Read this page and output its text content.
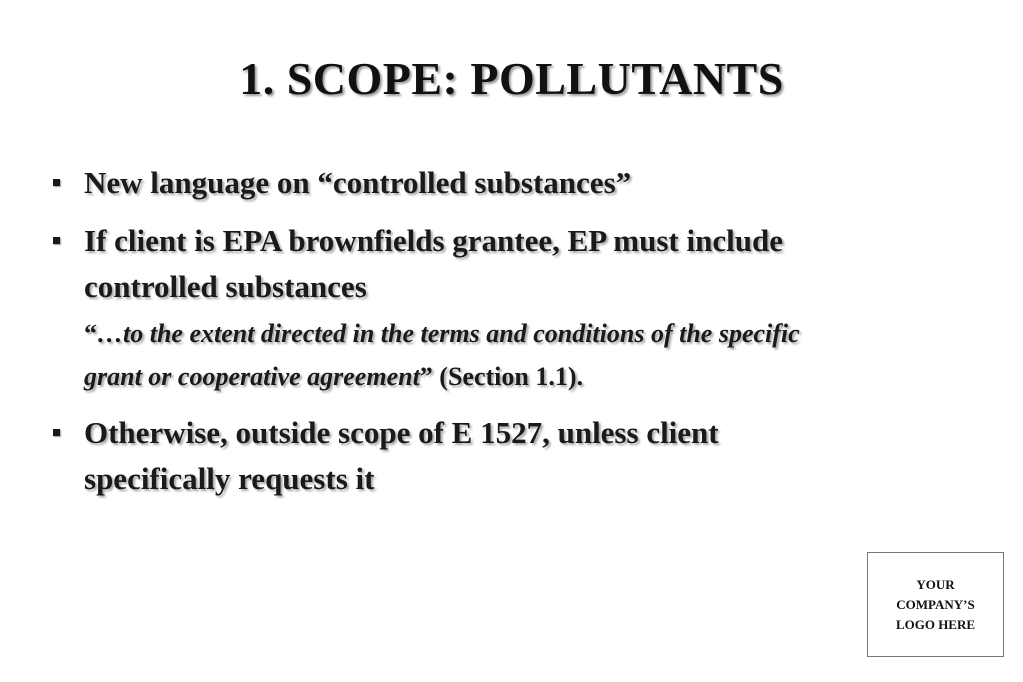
1. SCOPE: POLLUTANTS
New language on “controlled substances”
If client is EPA brownfields grantee, EP must include controlled substances
“…to the extent directed in the terms and conditions of the specific grant or cooperative agreement” (Section 1.1).
Otherwise, outside scope of E 1527, unless client specifically requests it
YOUR
COMPANY’S
LOGO HERE
